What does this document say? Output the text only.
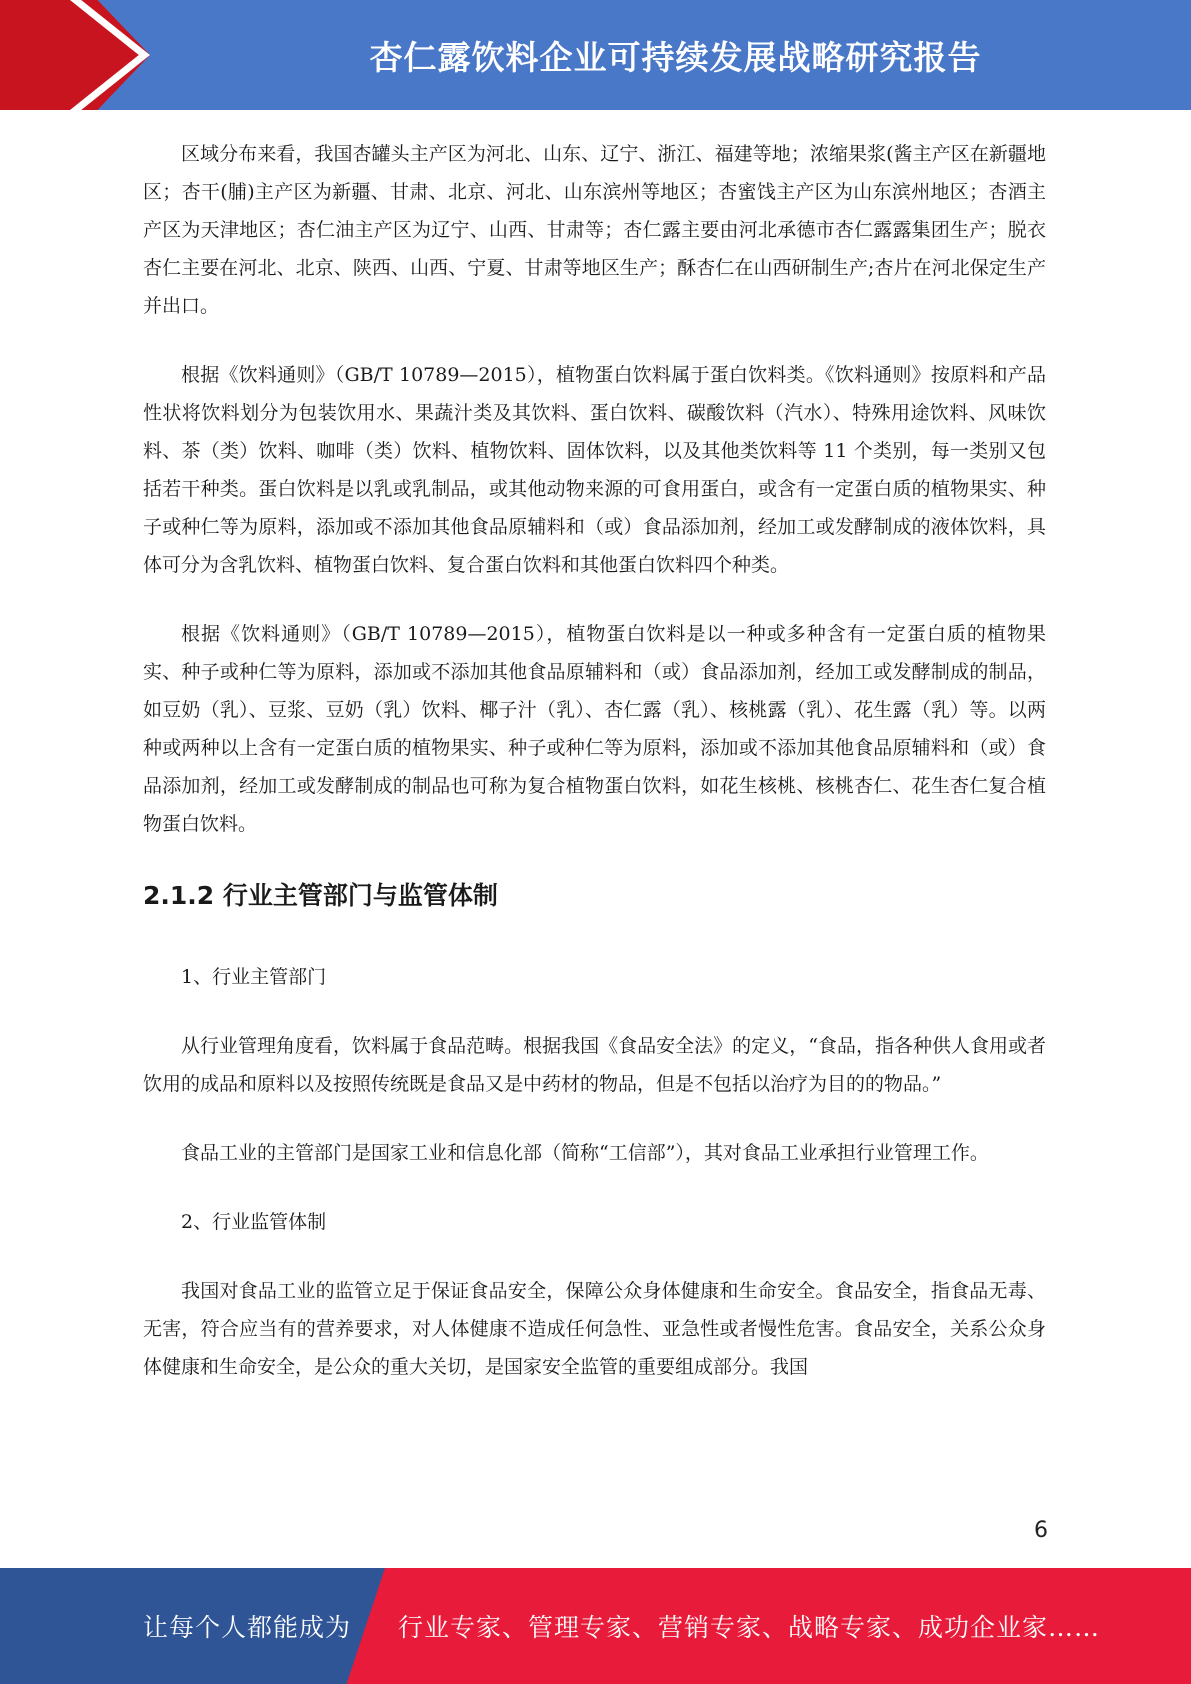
杏仁露饮料企业可持续发展战略研究报告

区域分布来看，我国杏罐头主产区为河北、山东、辽宁、浙江、福建等地；浓缩果浆(酱主产区在新疆地区；杏干(脯)主产区为新疆、甘肃、北京、河北、山东滨州等地区；杏蜜饯主产区为山东滨州地区；杏酒主产区为天津地区；杏仁油主产区为辽宁、山西、甘肃等；杏仁露主要由河北承德市杏仁露露集团生产；脱衣杏仁主要在河北、北京、陕西、山西、宁夏、甘肃等地区生产；酥杏仁在山西研制生产;杏片在河北保定生产并出口。

根据《饮料通则》（GB/T 10789—2015），植物蛋白饮料属于蛋白饮料类。《饮料通则》按原料和产品性状将饮料划分为包装饮用水、果蔬汁类及其饮料、蛋白饮料、碳酸饮料（汽水）、特殊用途饮料、风味饮料、茶（类）饮料、咖啡（类）饮料、植物饮料、固体饮料，以及其他类饮料等 11 个类别，每一类别又包括若干种类。蛋白饮料是以乳或乳制品，或其他动物来源的可食用蛋白，或含有一定蛋白质的植物果实、种子或种仁等为原料，添加或不添加其他食品原辅料和（或）食品添加剂，经加工或发酵制成的液体饮料，具体可分为含乳饮料、植物蛋白饮料、复合蛋白饮料和其他蛋白饮料四个种类。

根据《饮料通则》（GB/T 10789—2015），植物蛋白饮料是以一种或多种含有一定蛋白质的植物果实、种子或种仁等为原料，添加或不添加其他食品原辅料和（或）食品添加剂，经加工或发酵制成的制品，如豆奶（乳）、豆浆、豆奶（乳）饮料、椰子汁（乳）、杏仁露（乳）、核桃露（乳）、花生露（乳）等。以两种或两种以上含有一定蛋白质的植物果实、种子或种仁等为原料，添加或不添加其他食品原辅料和（或）食品添加剂，经加工或发酵制成的制品也可称为复合植物蛋白饮料，如花生核桃、核桃杏仁、花生杏仁复合植物蛋白饮料。

2.1.2 行业主管部门与监管体制

1、行业主管部门

从行业管理角度看，饮料属于食品范畴。根据我国《食品安全法》的定义，“食品，指各种供人食用或者饮用的成品和原料以及按照传统既是食品又是中药材的物品，但是不包括以治疗为目的的物品。”

食品工业的主管部门是国家工业和信息化部（简称“工信部”），其对食品工业承担行业管理工作。

2、行业监管体制

我国对食品工业的监管立足于保证食品安全，保障公众身体健康和生命安全。食品安全，指食品无毒、无害，符合应当有的营养要求，对人体健康不造成任何急性、亚急性或者慢性危害。食品安全，关系公众身体健康和生命安全，是公众的重大关切，是国家安全监管的重要组成部分。我国

6
让每个人都能成为 行业专家、管理专家、营销专家、战略专家、成功企业家……
